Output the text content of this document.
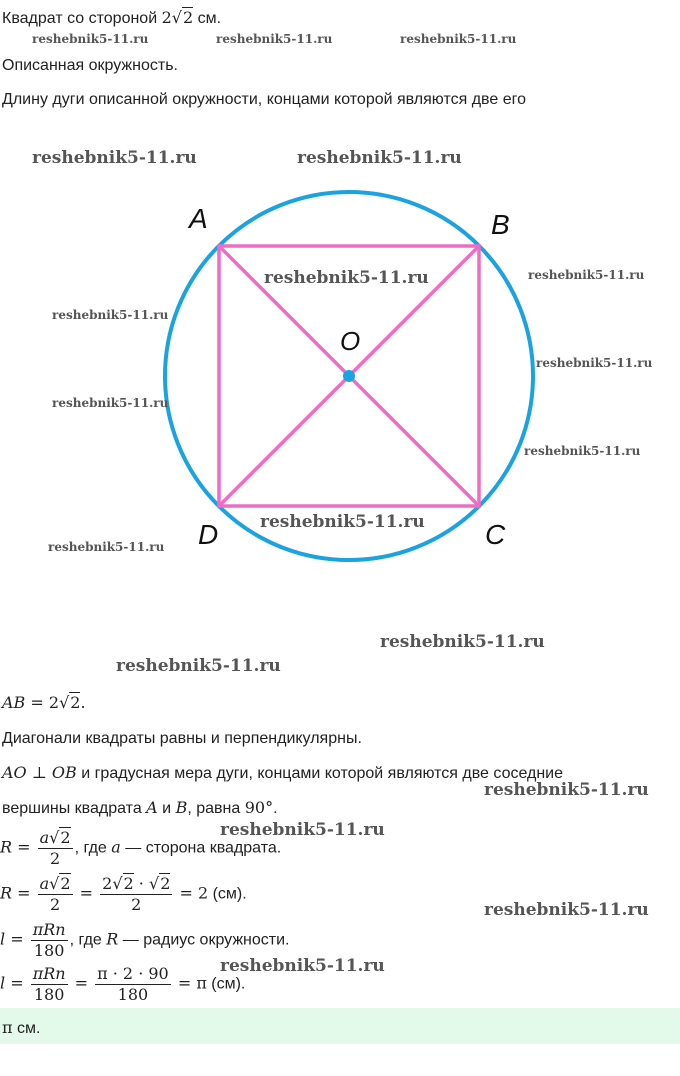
Квадрат со стороной 2√2 см.
Описанная окружность.
Длину дуги описанной окружности, концами которой являются две его
A	B
C
D
O
AB = 2√2.
Диагонали квадраты равны и перпендикулярны.
AO ⊥ OB и градусная мера дуги, концами которой являются две соседние
вершины квадрата A и B, равна 90°.
$R = \frac{a√2}{2}$ , где a — сторона квадрата.
$R = \frac{a√2}{2} = \frac{2√2 \cdot √2}{2} = 2$ (см).
$l = \frac{\text{πRn}}{180}$ , где R — радиус окружности.
$l = \frac{\text{πRn}}{180} = \frac{\pi \cdot 2 \cdot 90}{180} = \pi$ (см).
π см.
reshebnik5-11.ru	reshebnik5-11.ru	reshebnik5-11.ru
reshebnik5-11.ru	reshebnik5-11.ru
reshebnik5-11.ru	reshebnik5-11.ru
reshebnik5-11.ru
reshebnik5-11.ru
reshebnik5-11.ru
reshebnik5-11.ru
reshebnik5-11.ru
reshebnik5-11.ru
reshebnik5-11.ru
reshebnik5-11.ru
reshebnik5-11.ru
reshebnik5-11.ru
reshebnik5-11.ru
reshebnik5-11.ru
